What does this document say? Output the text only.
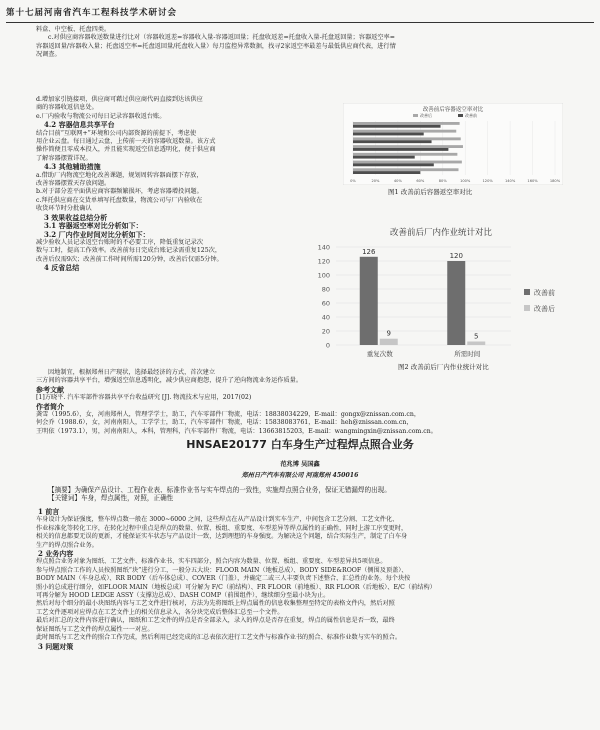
第十七届河南省汽车工程科技学术研讨会
料盒、中空板、托盘四类。
c.对供应商容器收送数量进行比对（容器收返差=容器收入量-容器返回量；托盘收返差=托盘收入量-托盘返回量；容器返空率=
容器返回量/容器收入量；托盘返空率=托盘返回量/托盘收入量）每月监控异常数据，找寻2家返空率最差与最低供应商代表，进行情
况调查。
d.增加家引链接项，供应商可藉过供应商代码直接到达该供应
商的容器收返信息处。
e.厂内验收与物流公司每日记录容器收返台账。
4.2 容器信息共享平台
结合目前“互联网+”环境和公司内部资源的前提下，考虑使
用企业云盘。每日通过云盘，上传前一天的容器收返数量。该方式
操作简便且零成本投入，并且能实现返空信息透明化，便于供应商
了解容器摆置详况。
4.3 其他辅助措施
a.借助厂内物流空地化改善课题，规划周转容器面摆下存放，
改善容器摆置天存放问题。
b.对于部分差平面供应商容器频繁损坏，考虑容器增投问题。
c.拜托供应商在交货单填写托盘数量，物流公司与厂内验收在
收货环节时分批确认
3 效果收益总结分析
3.1 容器返空率对比分析如下：
3.2 厂内作业时间对比分析如下：
减少验收人员记录返空台账时的不必要工序，降低重复记录次
数与工时，提高工作效率。改善前每日完成台账记录需重复125次，
改善后仅需9次；改善前工作时间所需120分钟，改善后仅需5分钟。
4 反省总结
因地制宜，根据郑州日产现状，选择最经济的方式，首次建立
三方间的容器共享平台，增强返空信息透明化，减少供应商抱怨，提升了逆向物流业务运作质量。
参考文献
[1]方晓平. 汽车零部件容器共享平台收益研究 [J]. 物流技术与应用，2017(02)
作者简介
龚雪（1995.6），女，河南郑州人，管理学学士，助工，汽车零部件厂物流，电话：18838034229，E-mail：gongx@znissan.com.cn，
何会乔（1988.6），女，河南南阳人，工学学士，助工，汽车零部件厂物流，电话：15838083761，E-mail：heh@znissan.com.cn，
王明依（1973.1），男，河南南阳人，本科，管理科，汽车零部件厂物流，电话：13663815203，E-mail：wangmingxin@znissan.com.cn。
改善前后容器返空率对比
改善后	改善前
0%	20%	40%	60%	80%	100%	120%	140%	160%	180%
图1 改善前后容器返空率对比
改善前后厂内作业统计对比
0
20
40
60
80
100
120
140
126
9
重复次数
120
5
所需时间
改善前
改善后
图2 改善前后厂内作业统计对比
HNSAE20177 白车身生产过程焊点照合业务
范兆博 吴国鑫
郑州日产汽车有限公司 河南郑州 450016
【摘要】为确保产品设计、工程作业表、标准作业书与实车焊点的一致性，实施焊点照合业务，保证无错漏焊的出现。
【关键词】车身，焊点属性，对照，正确性
1 前言
车身设计为保证强度，整车焊点数一般在 3000~6000 之间，这些焊点在从产品设计到实车生产，中间包含工艺分割、工艺文件化、
作业标准化等转化工序，在转化过程中重点是焊点的数量、位置、板组、重要度、车型差异等焊点属性的正确性，同时上游工序变更时，
相关的信息都要无误的更新，才能保证实车状态与产品设计一致，达到理想的车身强度。为解决这个问题，结合实际生产，制定了白车身
生产的焊点照合业务。
2 业务内容
焊点照合业务对象为图纸、工艺文件、标准作业书、实车四部分，照合内容为数量、位置、板组、重要度、车型差异共5项信息。
参与焊点照合工作的人员按照图纸“块”进行分工，一般分五大块：FLOOR MAIN（地板总成）、BODY SIDE&ROOF（侧围及顶盖）、
BODY MAIN（车身总成）、RR BODY（后车体总成）、COVER（门盖），并确定二或三人丰要负责下述整合、汇总性的业务。每个块按
照小的总成进行细分，如FLOOR MAIN（地板总成）可分解为 F/C（前结构）、FR FLOOR（前地板）、RR FLOOR（后地板）、E/C（前结构）
可再分解为 HOOD LEDGE ASSY（支撑边总成）、DASH COMP（前围组件），继续细分至最小块为止。
然后对每个细分的最小块图纸内容与工艺文件进行核对，方法为先将图纸上焊点属性的信息收集整理至特定的表格文件内，然后对照
工艺文件逐项对应焊点在工艺文件上的相关信息录入，各分块完成后整体汇总至一个文件。
最后对汇总的文件内容进行确认，图纸和工艺文件的焊点是否全部录入，录入的焊点是否存在重复，焊点的属性信息是否一致，最终
保证图纸与工艺文件的焊点属性一一对应。
此时图纸与工艺文件的照合工作完成，然后利用已经完成的汇总表依次进行工艺文件与标准作业书的照合、标准作业数与实车的照合。
3 问题对策
